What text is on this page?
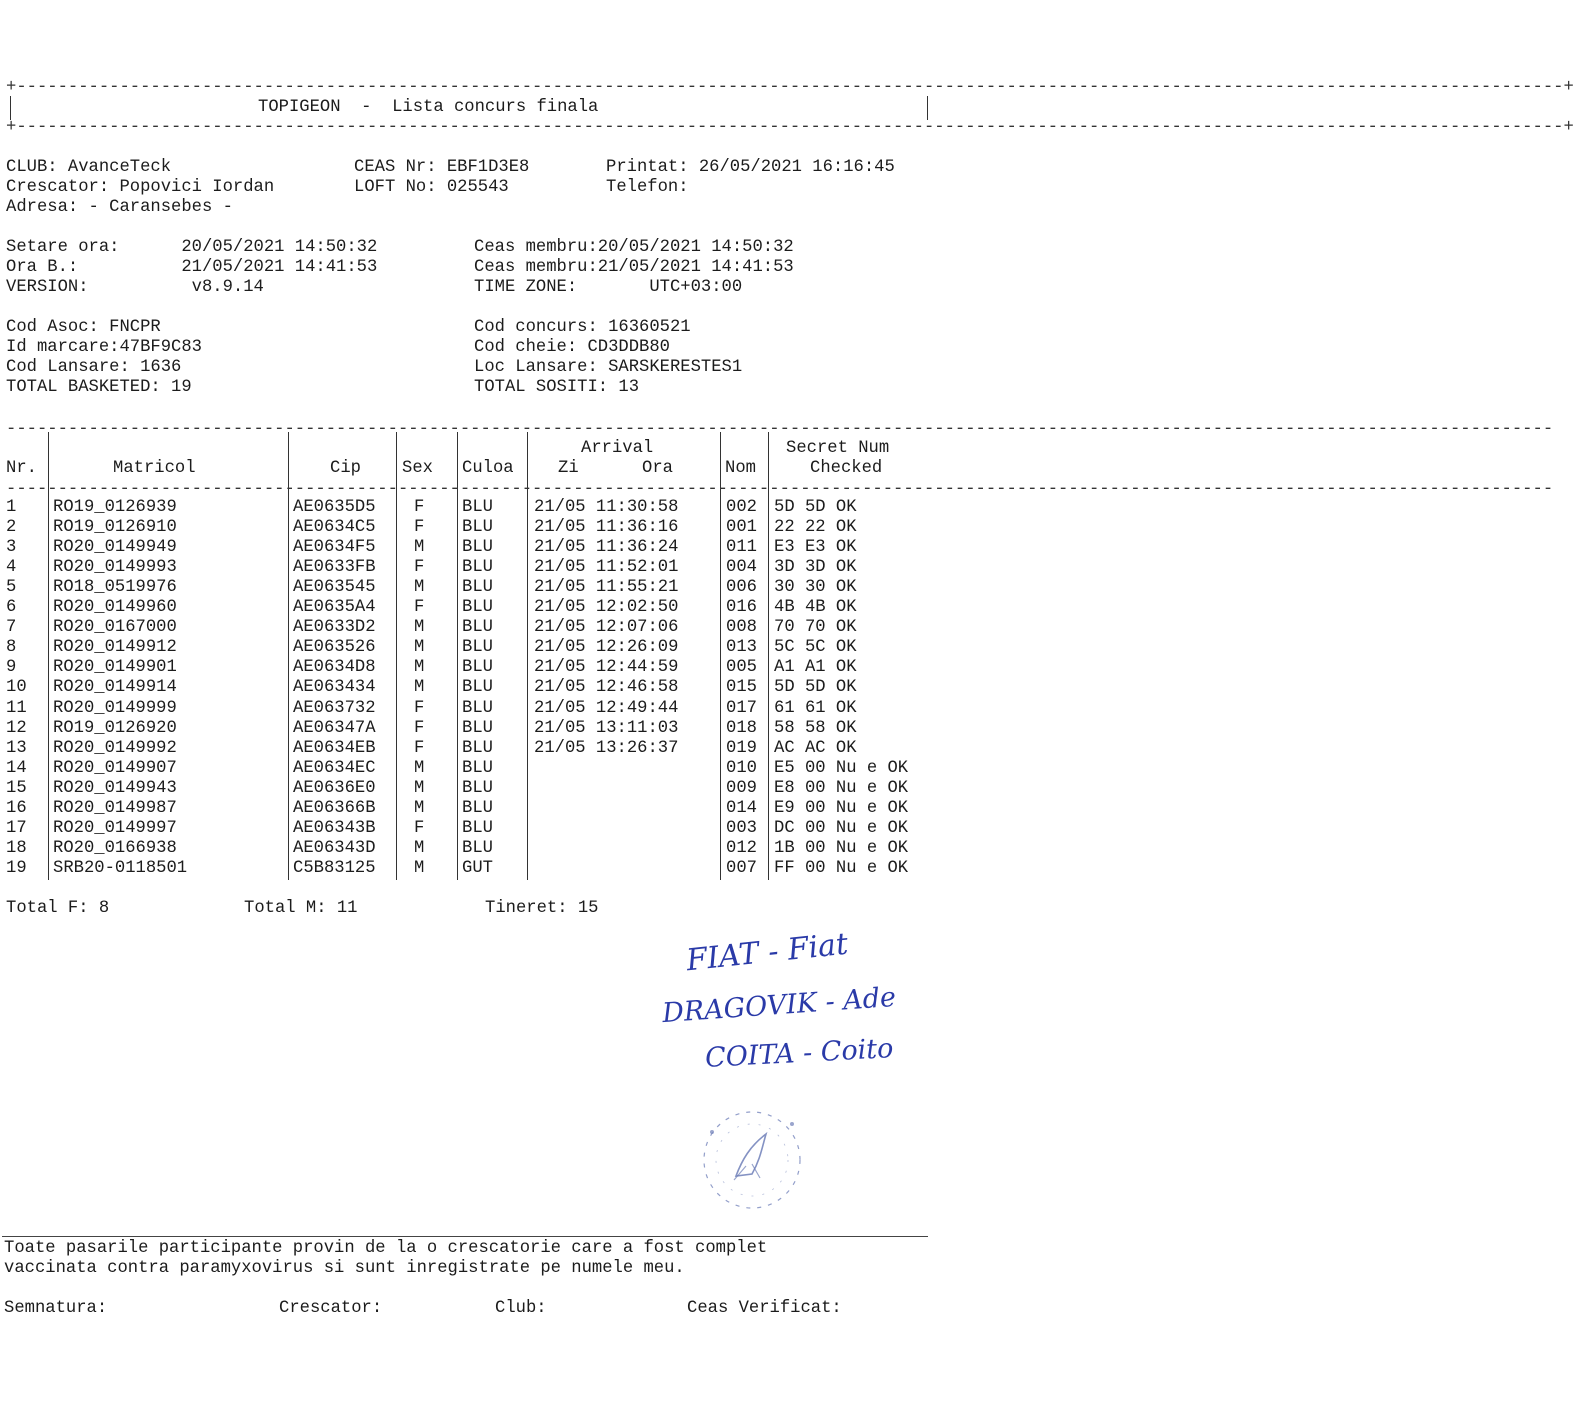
+------------------------------------------------------------------------------------------------------------------------------------------------------+
TOPIGEON  -  Lista concurs finala
+------------------------------------------------------------------------------------------------------------------------------------------------------+
CLUB: AvanceTeck
Crescator: Popovici Iordan
Adresa: - Caransebes -
CEAS Nr: EBF1D3E8
LOFT No: 025543
Printat: 26/05/2021 16:16:45
Telefon:
Setare ora:      20/05/2021 14:50:32
Ora B.:          21/05/2021 14:41:53
VERSION:          v8.9.14
Ceas membru:20/05/2021 14:50:32
Ceas membru:21/05/2021 14:41:53
TIME ZONE:       UTC+03:00
Cod Asoc: FNCPR
Id marcare:47BF9C83
Cod Lansare: 1636
TOTAL BASKETED: 19
Cod concurs: 16360521
Cod cheie: CD3DDB80
Loc Lansare: SARSKERESTES1
TOTAL SOSITI: 13
------------------------------------------------------------------------------------------------------------------------------------------------------
------------------------------------------------------------------------------------------------------------------------------------------------------
Nr.	Matricol	Cip Sex Culoa
Arrival
Zi	Ora	Nom
Secret Num
Checked
1 RO19_0126939	AE0635D5 F BLU 21/05 11:30:58	002 5D 5D OK
2 RO19_0126910	AE0634C5 F BLU 21/05 11:36:16	001 22 22 OK
3 RO20_0149949	AE0634F5 M BLU 21/05 11:36:24	011 E3 E3 OK
4 RO20_0149993	AE0633FB F BLU 21/05 11:52:01	004 3D 3D OK
5 RO18_0519976	AE063545 M BLU 21/05 11:55:21	006 30 30 OK
6 RO20_0149960	AE0635A4 F BLU 21/05 12:02:50	016 4B 4B OK
7 RO20_0167000	AE0633D2 M BLU 21/05 12:07:06	008 70 70 OK
8 RO20_0149912	AE063526 M BLU 21/05 12:26:09	013 5C 5C OK
9 RO20_0149901	AE0634D8 M BLU 21/05 12:44:59	005 A1 A1 OK
10 RO20_0149914	AE063434 M BLU 21/05 12:46:58	015 5D 5D OK
11 RO20_0149999	AE063732 F BLU 21/05 12:49:44	017 61 61 OK
12 RO19_0126920	AE06347A F BLU 21/05 13:11:03	018 58 58 OK
13 RO20_0149992	AE0634EB F BLU 21/05 13:26:37	019 AC AC OK
14 RO20_0149907	AE0634EC M BLU	010 E5 00 Nu e OK
15 RO20_0149943	AE0636E0 M BLU	009 E8 00 Nu e OK
16 RO20_0149987	AE06366B M BLU	014 E9 00 Nu e OK
17 RO20_0149997	AE06343B F BLU	003 DC 00 Nu e OK
18 RO20_0166938	AE06343D M BLU	012 1B 00 Nu e OK
19 SRB20-0118501	C5B83125 M GUT	007 FF 00 Nu e OK
Total F: 8	Total M: 11	Tineret: 15
FIAT - Fiat
DRAGOVIK - Ade
COITA - Coito
Toate pasarile participante provin de la o crescatorie care a fost complet
vaccinata contra paramyxovirus si sunt inregistrate pe numele meu.
Semnatura:	Crescator:	Club:	Ceas Verificat:
